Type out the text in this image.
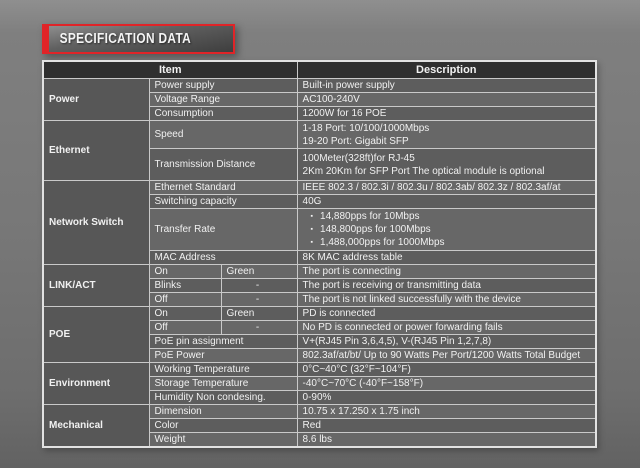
SPECIFICATION DATA
Item			Description
Power	Power supply		Built-in power supply

	Voltage Range		AC100-240V

	Consumption		1200W for 16 POE

Ethernet	Speed		1-18 Port: 10/100/1000Mbps
19-20 Port: Gigabit SFP

	Transmission Distance		100Meter(328ft)for RJ-45
2Km 20Km for SFP Port The optical module is optional

Network Switch	Ethernet Standard		IEEE 802.3 / 802.3i / 802.3u / 802.3ab/ 802.3z / 802.3af/at

	Switching capacity		40G

	Transfer Rate		▪ 14,880pps for 10Mbps
▪ 148,800pps for 100Mbps
▪ 1,488,000pps for 1000Mbps

	MAC Address		8K MAC address table

LINK/ACT	On	Green	The port is connecting

	Blinks	-	The port is receiving or transmitting data

	Off	-	The port is not linked successfully with the device

POE	On	Green	PD is connected

	Off	-	No PD is connected or power forwarding fails

	PoE pin assignment		V+(RJ45 Pin 3,6,4,5), V-(RJ45 Pin 1,2,7,8)

	PoE Power		802.3af/at/bt/ Up to 90 Watts Per Port/1200 Watts Total Budget

Environment	Working Temperature		0°C~40°C (32°F~104°F)

	Storage Temperature		-40°C~70°C (-40°F~158°F)

	Humidity Non condesing.		0-90%

Mechanical	Dimension		10.75 x 17.250 x 1.75 inch

	Color		Red

	Weight		8.6 lbs
